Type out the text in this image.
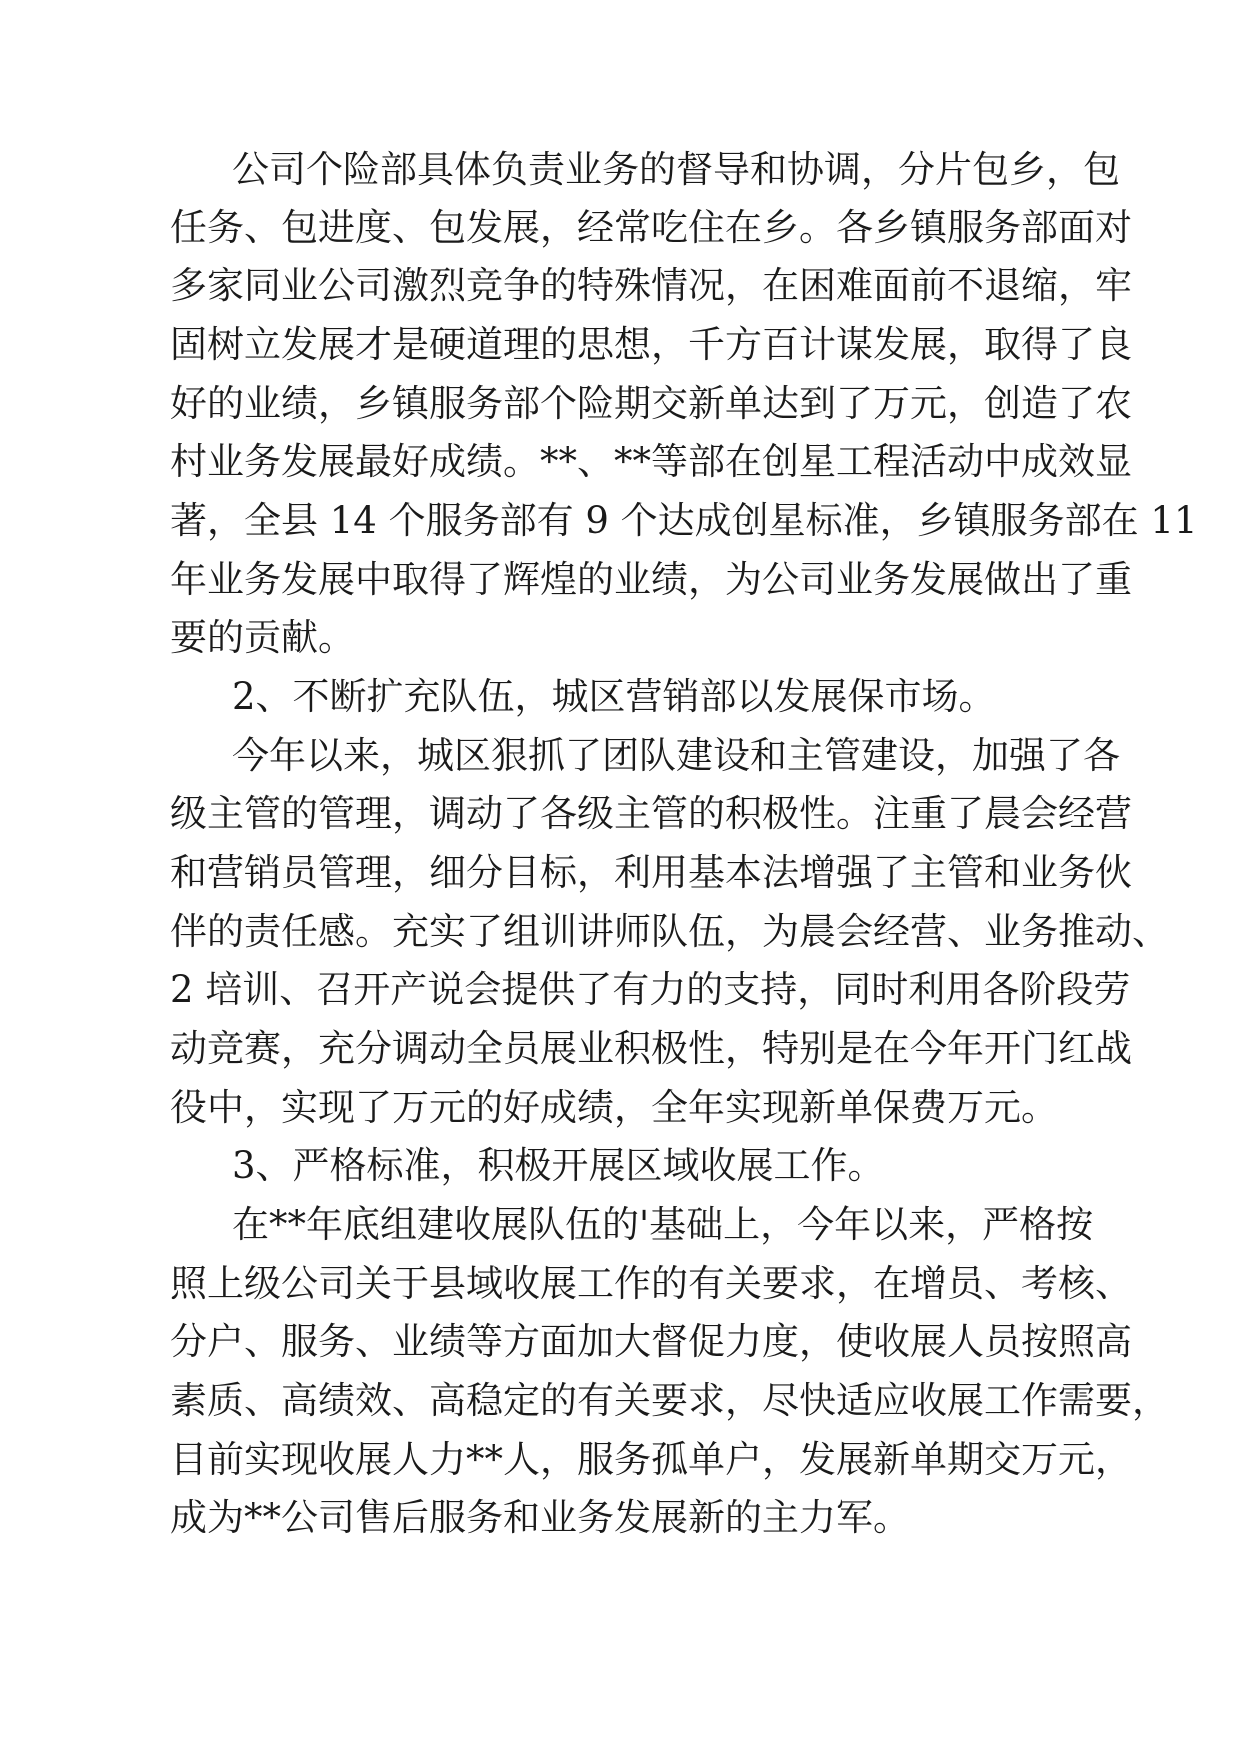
公司个险部具体负责业务的督导和协调，分片包乡，包

任务、包进度、包发展，经常吃住在乡。各乡镇服务部面对

多家同业公司激烈竞争的特殊情况，在困难面前不退缩，牢

固树立发展才是硬道理的思想，千方百计谋发展，取得了良

好的业绩，乡镇服务部个险期交新单达到了万元，创造了农

村业务发展最好成绩。**、**等部在创星工程活动中成效显

著，全县 14 个服务部有 9 个达成创星标准，乡镇服务部在 11

年业务发展中取得了辉煌的业绩，为公司业务发展做出了重

要的贡献。

2、不断扩充队伍，城区营销部以发展保市场。

今年以来，城区狠抓了团队建设和主管建设，加强了各

级主管的管理，调动了各级主管的积极性。注重了晨会经营

和营销员管理，细分目标，利用基本法增强了主管和业务伙

伴的责任感。充实了组训讲师队伍，为晨会经营、业务推动、

2 培训、召开产说会提供了有力的支持，同时利用各阶段劳

动竞赛，充分调动全员展业积极性，特别是在今年开门红战

役中，实现了万元的好成绩，全年实现新单保费万元。

3、严格标准，积极开展区域收展工作。

在**年底组建收展队伍的'基础上，今年以来，严格按

照上级公司关于县域收展工作的有关要求，在增员、考核、

分户、服务、业绩等方面加大督促力度，使收展人员按照高

素质、高绩效、高稳定的有关要求，尽快适应收展工作需要，

目前实现收展人力**人，服务孤单户，发展新单期交万元，

成为**公司售后服务和业务发展新的主力军。
